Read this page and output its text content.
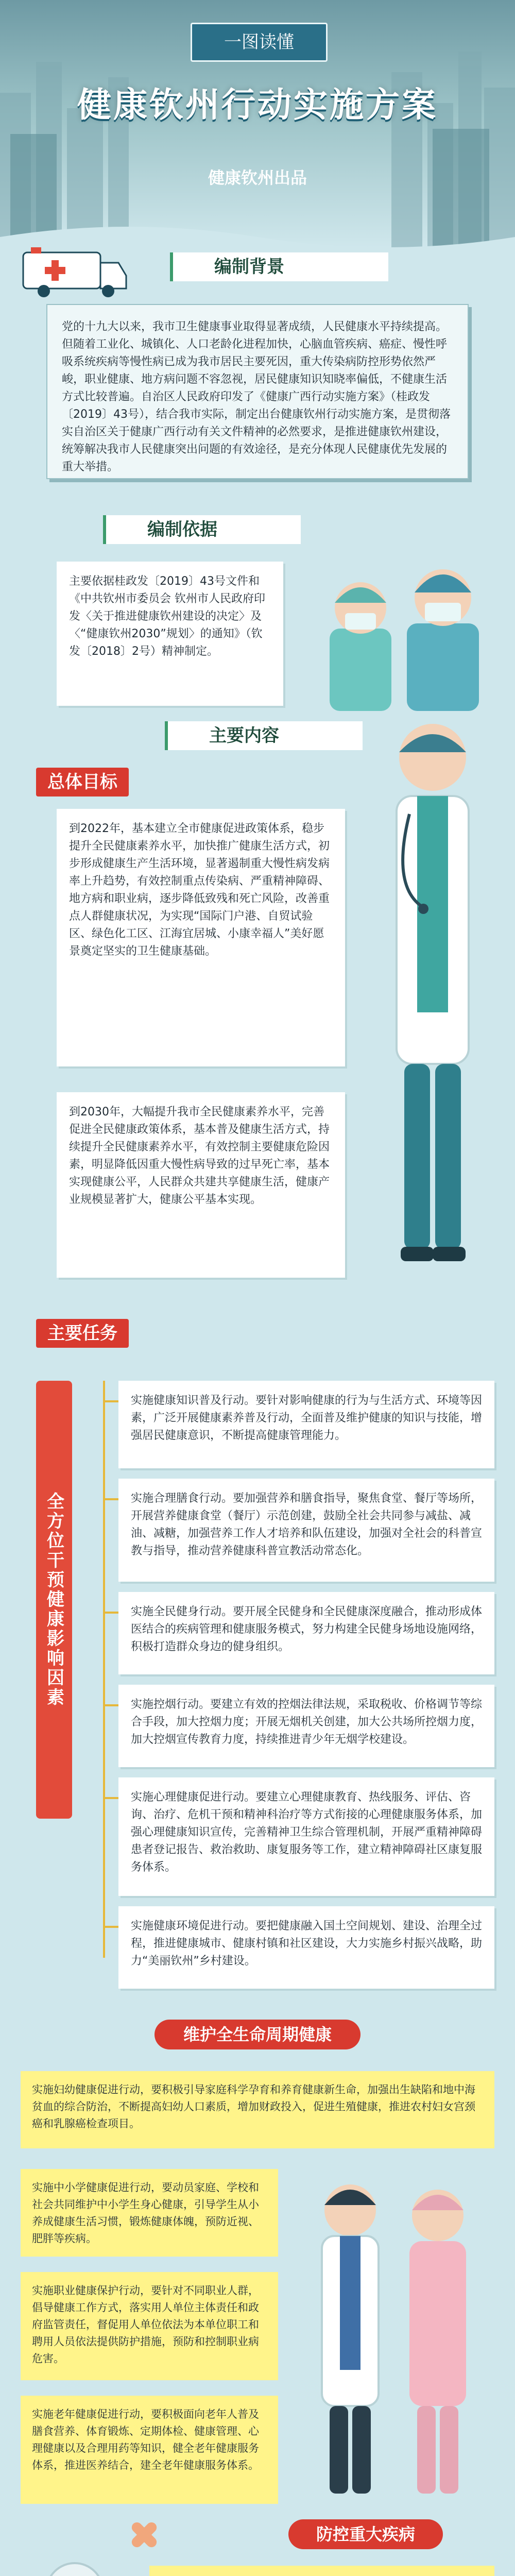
一图读懂
健康钦州行动实施方案
健康钦州出品
编制背景
党的十九大以来，我市卫生健康事业取得显著成绩，人民健康水平持续提高。但随着工业化、城镇化、人口老龄化进程加快，心脑血管疾病、癌症、慢性呼吸系统疾病等慢性病已成为我市居民主要死因，重大传染病防控形势依然严峻，职业健康、地方病问题不容忽视，居民健康知识知晓率偏低，不健康生活方式比较普遍。自治区人民政府印发了《健康广西行动实施方案》（桂政发〔2019〕43号），结合我市实际，制定出台健康钦州行动实施方案，是贯彻落实自治区关于健康广西行动有关文件精神的必然要求，是推进健康钦州建设，统筹解决我市人民健康突出问题的有效途径，是充分体现人民健康优先发展的重大举措。
编制依据
主要依据桂政发〔2019〕43号文件和《中共钦州市委员会 钦州市人民政府印发〈关于推进健康钦州建设的决定〉及〈“健康钦州2030”规划〉的通知》（钦发〔2018〕2号）精神制定。
主要内容
总体目标
到2022年，基本建立全市健康促进政策体系，稳步提升全民健康素养水平，加快推广健康生活方式，初步形成健康生产生活环境，显著遏制重大慢性病发病率上升趋势，有效控制重点传染病、严重精神障碍、地方病和职业病，逐步降低致残和死亡风险，改善重点人群健康状况，为实现“国际门户港、自贸试验区、绿色化工区、江海宜居城、小康幸福人”美好愿景奠定坚实的卫生健康基础。
到2030年，大幅提升我市全民健康素养水平，完善促进全民健康政策体系，基本普及健康生活方式，持续提升全民健康素养水平，有效控制主要健康危险因素，明显降低因重大慢性病导致的过早死亡率，基本实现健康公平，人民群众共建共享健康生活，健康产业规模显著扩大，健康公平基本实现。
主要任务
全方位干预健康影响因素
实施健康知识普及行动。要针对影响健康的行为与生活方式、环境等因素，广泛开展健康素养普及行动，全面普及维护健康的知识与技能，增强居民健康意识，不断提高健康管理能力。
实施合理膳食行动。要加强营养和膳食指导，聚焦食堂、餐厅等场所，开展营养健康食堂（餐厅）示范创建，鼓励全社会共同参与减盐、减油、减糖，加强营养工作人才培养和队伍建设，加强对全社会的科普宣教与指导，推动营养健康科普宣教活动常态化。
实施全民健身行动。要开展全民健身和全民健康深度融合，推动形成体医结合的疾病管理和健康服务模式，努力构建全民健身场地设施网络，积极打造群众身边的健身组织。
实施控烟行动。要建立有效的控烟法律法规，采取税收、价格调节等综合手段，加大控烟力度；开展无烟机关创建，加大公共场所控烟力度，加大控烟宣传教育力度，持续推进青少年无烟学校建设。
实施心理健康促进行动。要建立心理健康教育、热线服务、评估、咨询、治疗、危机干预和精神科治疗等方式衔接的心理健康服务体系，加强心理健康知识宣传，完善精神卫生综合管理机制，开展严重精神障碍患者登记报告、救治救助、康复服务等工作，建立精神障碍社区康复服务体系。
实施健康环境促进行动。要把健康融入国土空间规划、建设、治理全过程，推进健康城市、健康村镇和社区建设，大力实施乡村振兴战略，助力“美丽钦州”乡村建设。
维护全生命周期健康
实施妇幼健康促进行动，要积极引导家庭科学孕育和养育健康新生命，加强出生缺陷和地中海贫血的综合防治，不断提高妇幼人口素质，增加财政投入，促进生殖健康，推进农村妇女宫颈癌和乳腺癌检查项目。
实施中小学健康促进行动，要动员家庭、学校和社会共同维护中小学生身心健康，引导学生从小养成健康生活习惯，锻炼健康体魄，预防近视、肥胖等疾病。
实施职业健康保护行动，要针对不同职业人群，倡导健康工作方式，落实用人单位主体责任和政府监管责任，督促用人单位依法为本单位职工和聘用人员依法提供防护措施，预防和控制职业病危害。
实施老年健康促进行动，要积极面向老年人普及膳食营养、体育锻炼、定期体检、健康管理、心理健康以及合理用药等知识，健全老年健康服务体系，推进医养结合，建全老年健康服务体系。
防控重大疾病
